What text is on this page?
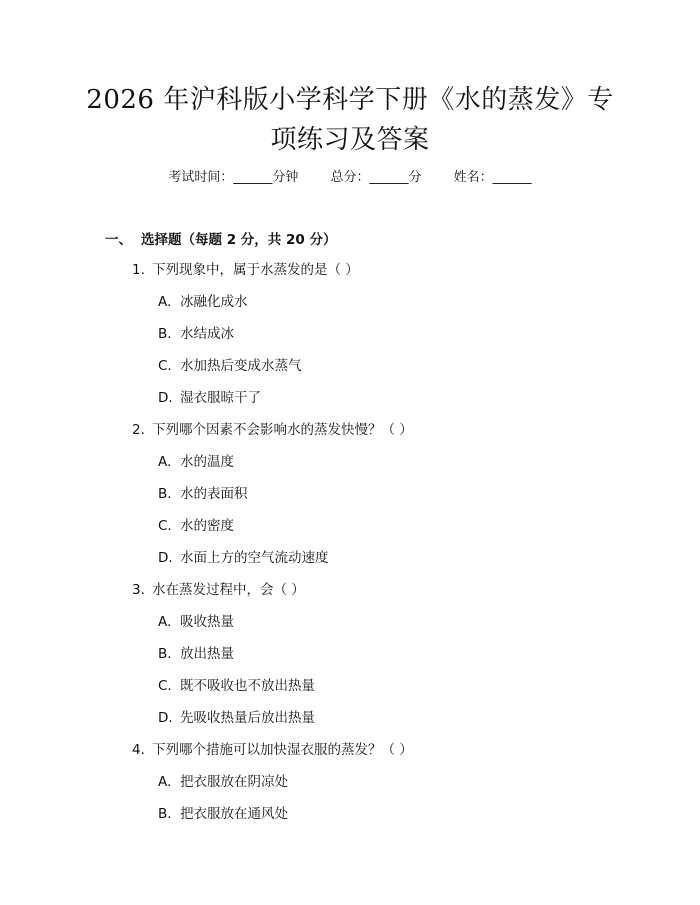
2026 年沪科版小学科学下册《水的蒸发》专
项练习及答案
考试时间：______分钟 总分：______分 姓名：______
一、 选择题（每题 2 分，共 20 分）
1. 下列现象中，属于水蒸发的是（ ）
A. 冰融化成水
B. 水结成冰
C. 水加热后变成水蒸气
D. 湿衣服晾干了
2. 下列哪个因素不会影响水的蒸发快慢？（ ）
A. 水的温度
B. 水的表面积
C. 水的密度
D. 水面上方的空气流动速度
3. 水在蒸发过程中，会（ ）
A. 吸收热量
B. 放出热量
C. 既不吸收也不放出热量
D. 先吸收热量后放出热量
4. 下列哪个措施可以加快湿衣服的蒸发？（ ）
A. 把衣服放在阴凉处
B. 把衣服放在通风处
